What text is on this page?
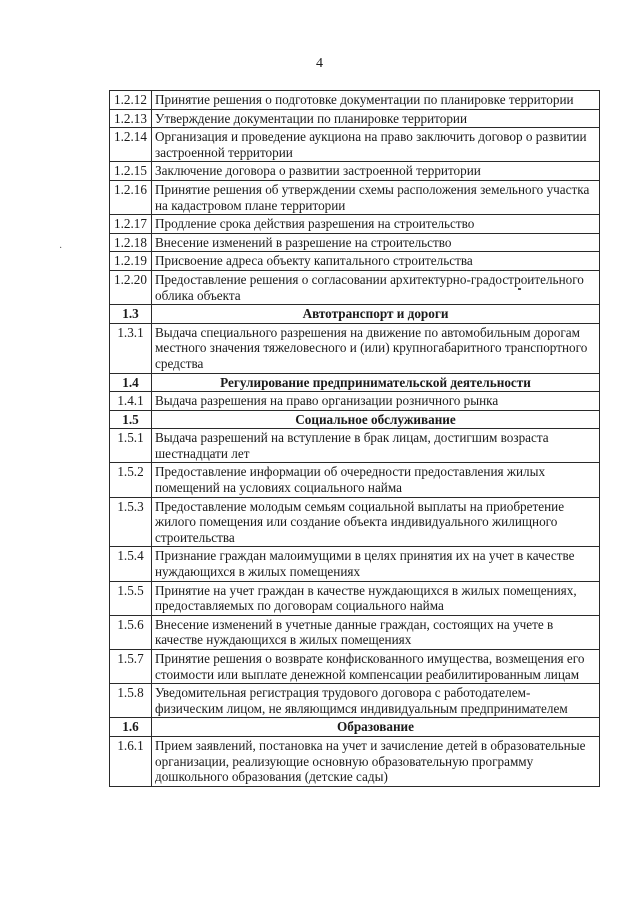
4
·
1.2.12	Принятие решения о подготовке документации по планировке территории
1.2.13	Утверждение документации по планировке территории
1.2.14	Организация и проведение аукциона на право заключить договор о развитии застроенной территории
1.2.15	Заключение договора о развитии застроенной территории
1.2.16	Принятие решения об утверждении схемы расположения земельного участка на кадастровом плане территории
1.2.17	Продление срока действия разрешения на строительство
1.2.18	Внесение изменений в разрешение на строительство
1.2.19	Присвоение адреса объекту капитального строительства
1.2.20	Предоставление решения о согласовании архитектурно-градостроительного облика объекта
1.3	Автотранспорт и дороги
1.3.1	Выдача специального разрешения на движение по автомобильным дорогам местного значения тяжеловесного и (или) крупногабаритного транспортного средства
1.4	Регулирование предпринимательской деятельности
1.4.1	Выдача разрешения на право организации розничного рынка
1.5	Социальное обслуживание
1.5.1	Выдача разрешений на вступление в брак лицам, достигшим возраста шестнадцати лет
1.5.2	Предоставление информации об очередности предоставления жилых помещений на условиях социального найма
1.5.3	Предоставление молодым семьям социальной выплаты на приобретение жилого помещения или создание объекта индивидуального жилищного строительства
1.5.4	Признание граждан малоимущими в целях принятия их на учет в качестве нуждающихся в жилых помещениях
1.5.5	Принятие на учет граждан в качестве нуждающихся в жилых помещениях, предоставляемых по договорам социального найма
1.5.6	Внесение изменений в учетные данные граждан, состоящих на учете в качестве нуждающихся в жилых помещениях
1.5.7	Принятие решения о возврате конфискованного имущества, возмещения его стоимости или выплате денежной компенсации реабилитированным лицам
1.5.8	Уведомительная регистрация трудового договора с работодателем-физическим лицом, не являющимся индивидуальным предпринимателем
1.6	Образование
1.6.1	Прием заявлений, постановка на учет и зачисление детей в образовательные организации, реализующие основную образовательную программу дошкольного образования (детские сады)
